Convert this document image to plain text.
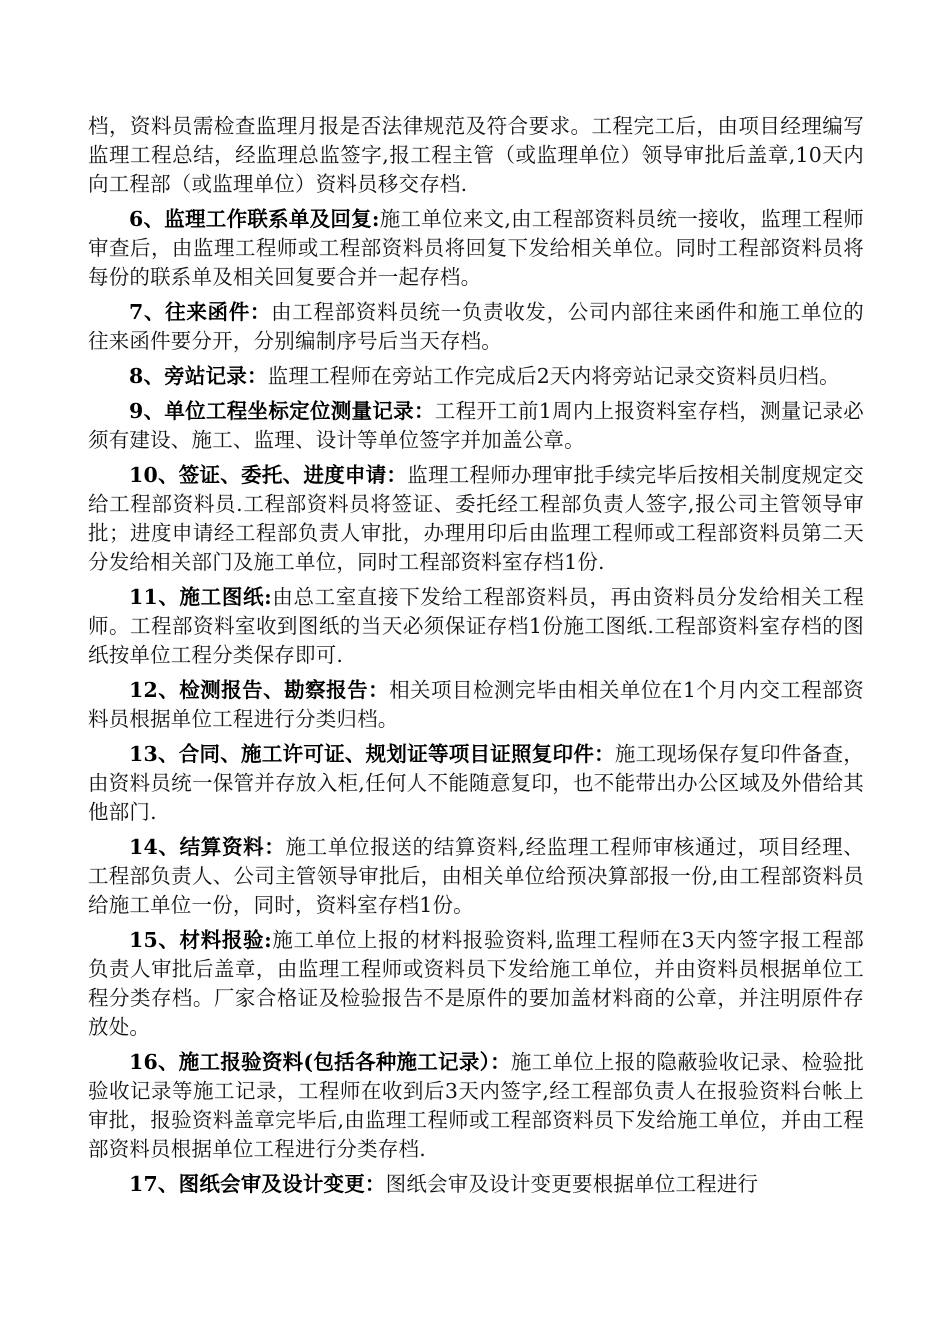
档，资料员需检查监理月报是否法律规范及符合要求。工程完工后，由项目经理编写监理工程总结，经监理总监签字,报工程主管（或监理单位）领导审批后盖章,10天内向工程部（或监理单位）资料员移交存档.

6、监理工作联系单及回复:施工单位来文,由工程部资料员统一接收，监理工程师审查后，由监理工程师或工程部资料员将回复下发给相关单位。同时工程部资料员将每份的联系单及相关回复要合并一起存档。

7、往来函件：由工程部资料员统一负责收发，公司内部往来函件和施工单位的往来函件要分开，分别编制序号后当天存档。

8、旁站记录：监理工程师在旁站工作完成后2天内将旁站记录交资料员归档。

9、单位工程坐标定位测量记录：工程开工前1周内上报资料室存档，测量记录必须有建设、施工、监理、设计等单位签字并加盖公章。

10、签证、委托、进度申请：监理工程师办理审批手续完毕后按相关制度规定交给工程部资料员.工程部资料员将签证、委托经工程部负责人签字,报公司主管领导审批；进度申请经工程部负责人审批，办理用印后由监理工程师或工程部资料员第二天分发给相关部门及施工单位，同时工程部资料室存档1份.

11、施工图纸:由总工室直接下发给工程部资料员，再由资料员分发给相关工程师。工程部资料室收到图纸的当天必须保证存档1份施工图纸.工程部资料室存档的图纸按单位工程分类保存即可.

12、检测报告、勘察报告：相关项目检测完毕由相关单位在1个月内交工程部资料员根据单位工程进行分类归档。

13、合同、施工许可证、规划证等项目证照复印件：施工现场保存复印件备查，由资料员统一保管并存放入柜,任何人不能随意复印，也不能带出办公区域及外借给其他部门.

14、结算资料：施工单位报送的结算资料,经监理工程师审核通过，项目经理、工程部负责人、公司主管领导审批后，由相关单位给预决算部报一份,由工程部资料员给施工单位一份，同时，资料室存档1份。

15、材料报验:施工单位上报的材料报验资料,监理工程师在3天内签字报工程部负责人审批后盖章，由监理工程师或资料员下发给施工单位，并由资料员根据单位工程分类存档。厂家合格证及检验报告不是原件的要加盖材料商的公章，并注明原件存放处。

16、施工报验资料(包括各种施工记录）：施工单位上报的隐蔽验收记录、检验批验收记录等施工记录，工程师在收到后3天内签字,经工程部负责人在报验资料台帐上审批，报验资料盖章完毕后,由监理工程师或工程部资料员下发给施工单位，并由工程部资料员根据单位工程进行分类存档.

17、图纸会审及设计变更：图纸会审及设计变更要根据单位工程进行
